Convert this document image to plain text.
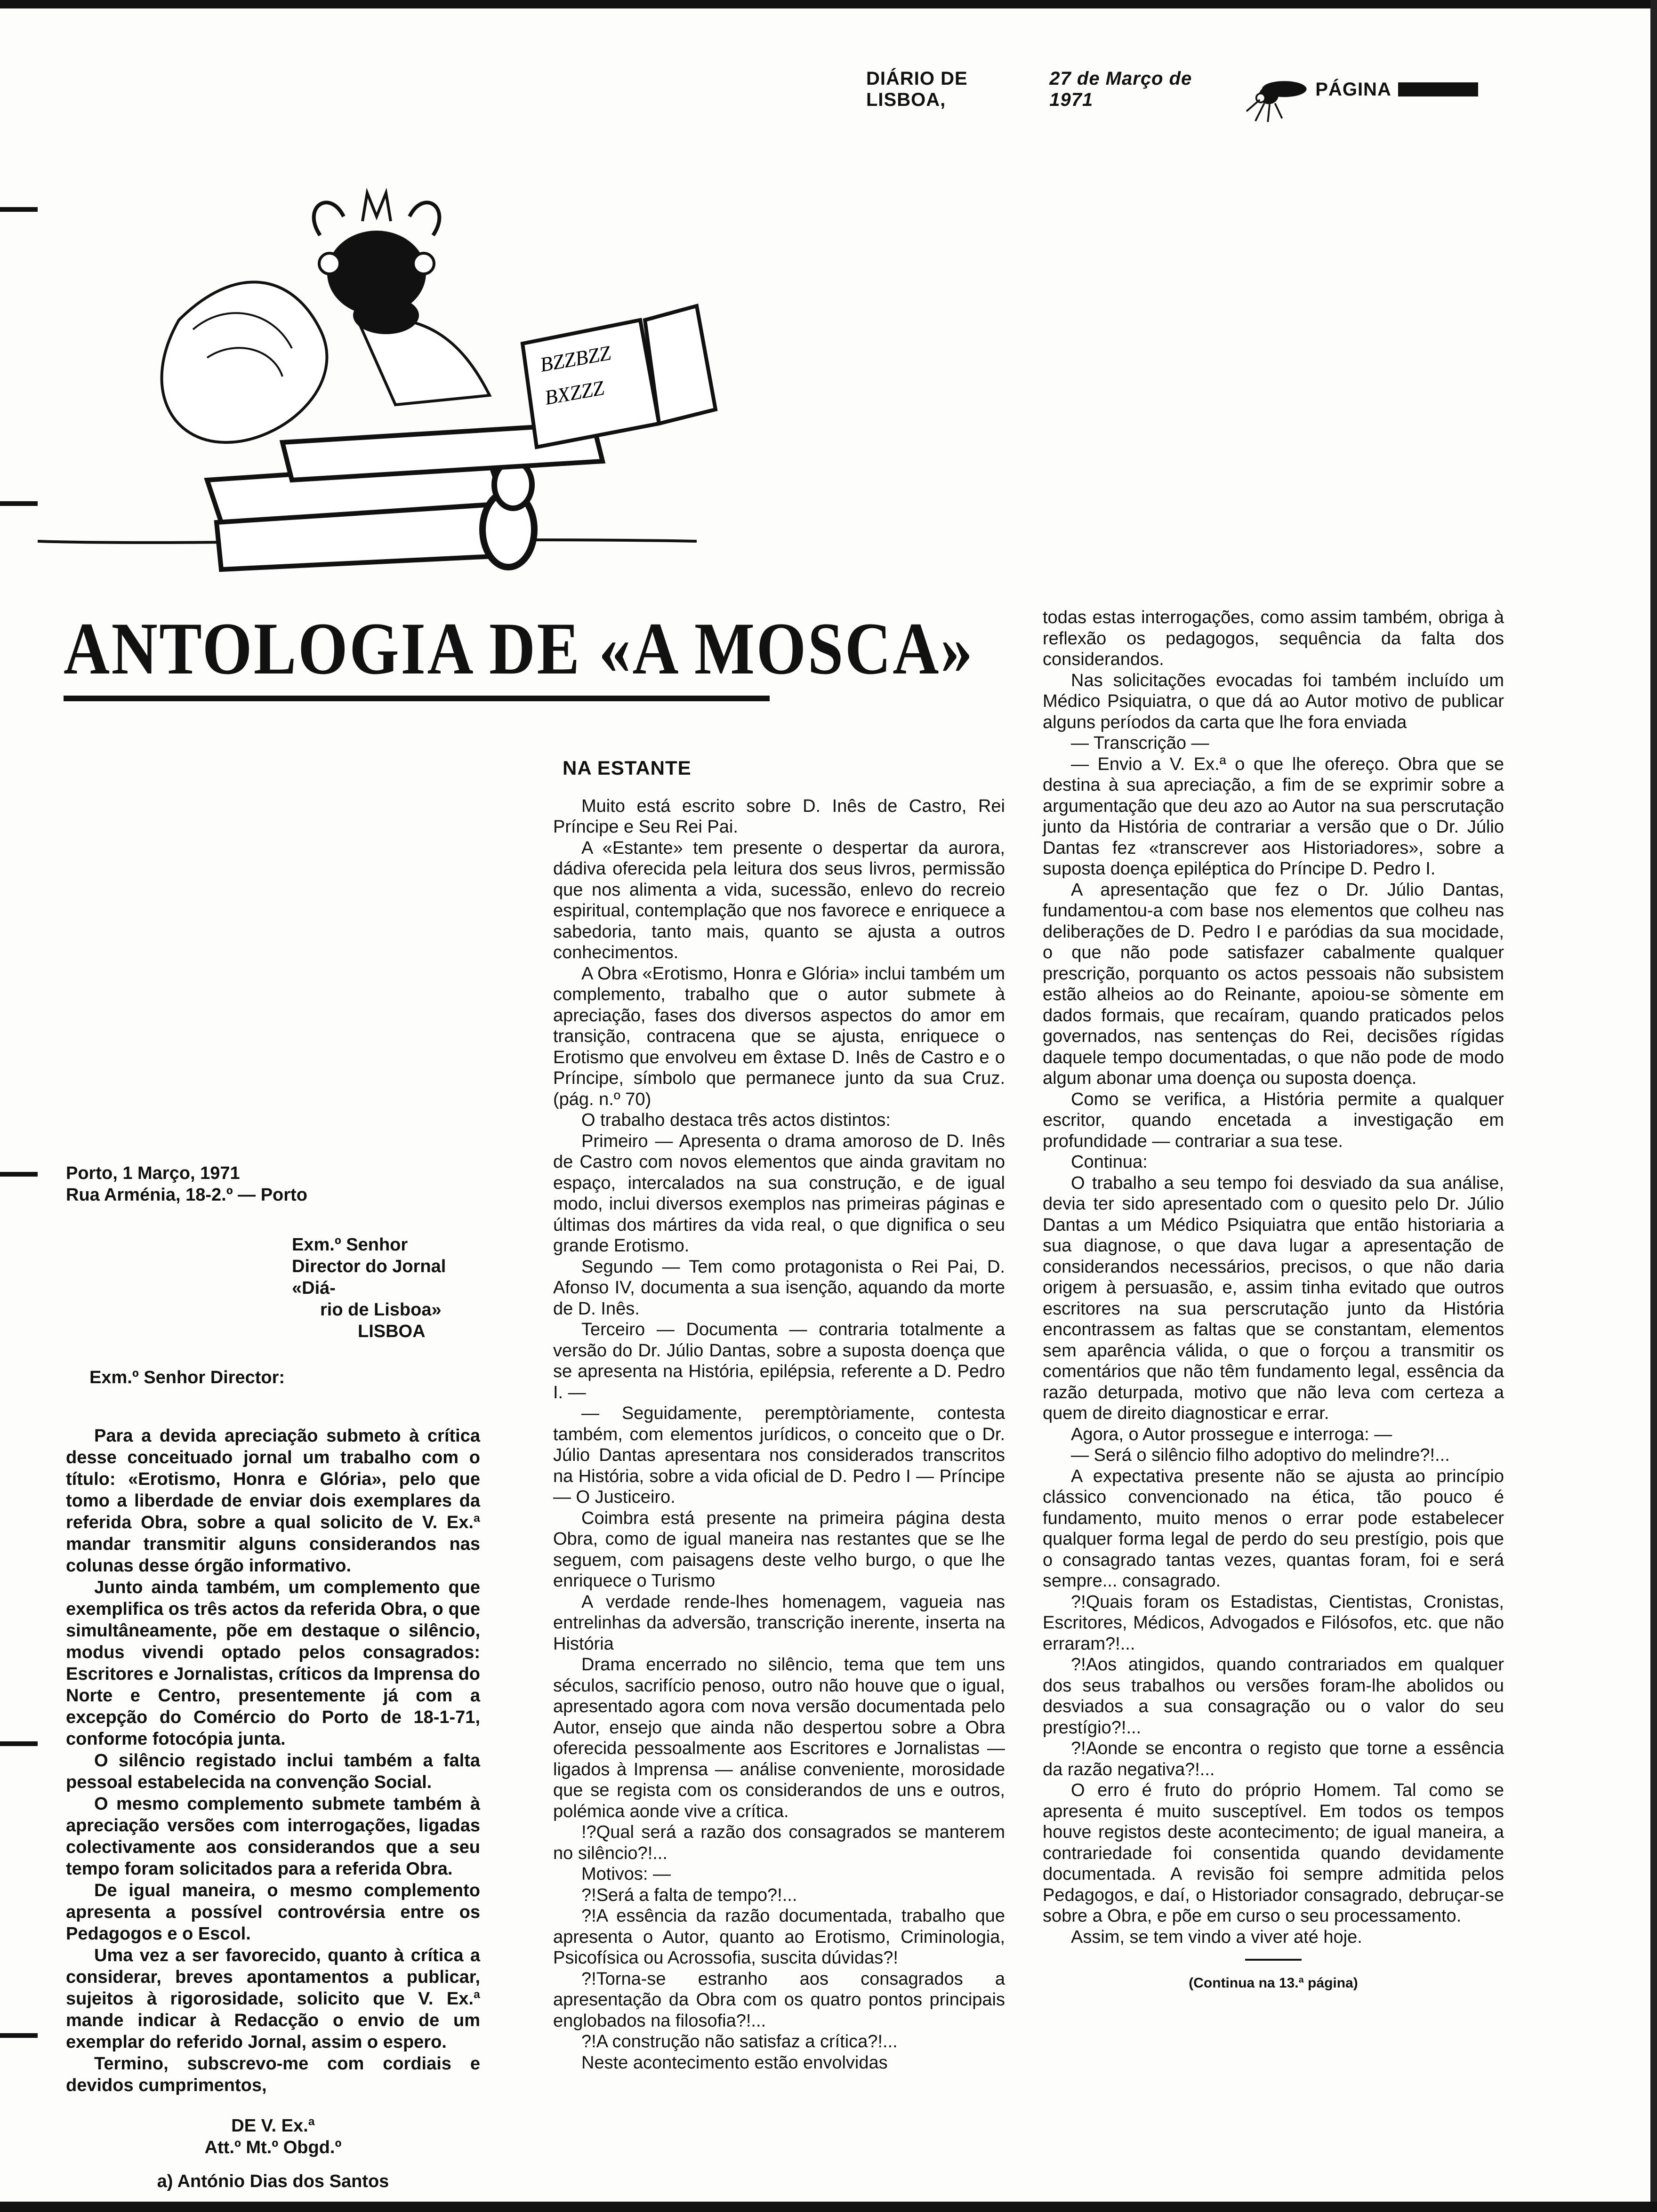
DIÁRIO DE LISBOA,
27 de Março de 1971
PÁGINA
BZZBZZ
BXZZZ
ANTOLOGIA DE «A MOSCA»
Porto, 1 Março, 1971
Rua Arménia, 18-2.º — Porto
Exm.º Senhor
Director do Jornal «Diá-
rio de Lisboa»
LISBOA
Exm.º Senhor Director:

Para a devida apreciação submeto à crítica desse conceituado jornal um trabalho com o título: «Erotismo, Honra e Glória», pelo que tomo a liberdade de enviar dois exemplares da referida Obra, sobre a qual solicito de V. Ex.ª mandar transmitir alguns considerandos nas colunas desse órgão informativo.

Junto ainda também, um complemento que exemplifica os três actos da referida Obra, o que simultâneamente, põe em destaque o silêncio, modus vivendi optado pelos consagrados: Escritores e Jornalistas, críticos da Imprensa do Norte e Centro, presentemente já com a excepção do Comércio do Porto de 18-1-71, conforme fotocópia junta.

O silêncio registado inclui também a falta pessoal estabelecida na convenção Social.

O mesmo complemento submete também à apreciação versões com interrogações, ligadas colectivamente aos considerandos que a seu tempo foram solicitados para a referida Obra.

De igual maneira, o mesmo complemento apresenta a possível controvérsia entre os Pedagogos e o Escol.

Uma vez a ser favorecido, quanto à crítica a considerar, breves apontamentos a publicar, sujeitos à rigorosidade, solicito que V. Ex.ª mande indicar à Redacção o envio de um exemplar do referido Jornal, assim o espero.

Termino, subscrevo-me com cordiais e devidos cumprimentos,

DE V. Ex.ª
Att.º Mt.º Obgd.º
a) António Dias dos Santos
NA ESTANTE

Muito está escrito sobre D. Inês de Castro, Rei Príncipe e Seu Rei Pai.

A «Estante» tem presente o despertar da aurora, dádiva oferecida pela leitura dos seus livros, permissão que nos alimenta a vida, sucessão, enlevo do recreio espiritual, contemplação que nos favorece e enriquece a sabedoria, tanto mais, quanto se ajusta a outros conhecimentos.

A Obra «Erotismo, Honra e Glória» inclui também um complemento, trabalho que o autor submete à apreciação, fases dos diversos aspectos do amor em transição, contracena que se ajusta, enriquece o Erotismo que envolveu em êxtase D. Inês de Castro e o Príncipe, símbolo que permanece junto da sua Cruz. (pág. n.º 70)

O trabalho destaca três actos distintos:

Primeiro — Apresenta o drama amoroso de D. Inês de Castro com novos elementos que ainda gravitam no espaço, intercalados na sua construção, e de igual modo, inclui diversos exemplos nas primeiras páginas e últimas dos mártires da vida real, o que dignifica o seu grande Erotismo.

Segundo — Tem como protagonista o Rei Pai, D. Afonso IV, documenta a sua isenção, aquando da morte de D. Inês.

Terceiro — Documenta — contraria totalmente a versão do Dr. Júlio Dantas, sobre a suposta doença que se apresenta na História, epilépsia, referente a D. Pedro I. —

— Seguidamente, peremptòriamente, contesta também, com elementos jurídicos, o conceito que o Dr. Júlio Dantas apresentara nos considerados transcritos na História, sobre a vida oficial de D. Pedro I — Príncipe — O Justiceiro.

Coimbra está presente na primeira página desta Obra, como de igual maneira nas restantes que se lhe seguem, com paisagens deste velho burgo, o que lhe enriquece o Turismo

A verdade rende-lhes homenagem, vagueia nas entrelinhas da adversão, transcrição inerente, inserta na História

Drama encerrado no silêncio, tema que tem uns séculos, sacrifício penoso, outro não houve que o igual, apresentado agora com nova versão documentada pelo Autor, ensejo que ainda não despertou sobre a Obra oferecida pessoalmente aos Escritores e Jornalistas — ligados à Imprensa — análise conveniente, morosidade que se regista com os considerandos de uns e outros, polémica aonde vive a crítica.

!?Qual será a razão dos consagrados se manterem no silêncio?!...

Motivos: —

?!Será a falta de tempo?!...

?!A essência da razão documentada, trabalho que apresenta o Autor, quanto ao Erotismo, Criminologia, Psicofísica ou Acrossofia, suscita dúvidas?!

?!Torna-se estranho aos consagrados a apresentação da Obra com os quatro pontos principais englobados na filosofia?!...

?!A construção não satisfaz a crítica?!...

Neste acontecimento estão envolvidas

todas estas interrogações, como assim também, obriga à reflexão os pedagogos, sequência da falta dos considerandos.

Nas solicitações evocadas foi também incluído um Médico Psiquiatra, o que dá ao Autor motivo de publicar alguns períodos da carta que lhe fora enviada

— Transcrição —

— Envio a V. Ex.ª o que lhe ofereço. Obra que se destina à sua apreciação, a fim de se exprimir sobre a argumentação que deu azo ao Autor na sua perscrutação junto da História de contrariar a versão que o Dr. Júlio Dantas fez «transcrever aos Historiadores», sobre a suposta doença epiléptica do Príncipe D. Pedro I.

A apresentação que fez o Dr. Júlio Dantas, fundamentou-a com base nos elementos que colheu nas deliberações de D. Pedro I e paródias da sua mocidade, o que não pode satisfazer cabalmente qualquer prescrição, porquanto os actos pessoais não subsistem estão alheios ao do Reinante, apoiou-se sòmente em dados formais, que recaíram, quando praticados pelos governados, nas sentenças do Rei, decisões rígidas daquele tempo documentadas, o que não pode de modo algum abonar uma doença ou suposta doença.

Como se verifica, a História permite a qualquer escritor, quando encetada a investigação em profundidade — contrariar a sua tese.

Continua:

O trabalho a seu tempo foi desviado da sua análise, devia ter sido apresentado com o quesito pelo Dr. Júlio Dantas a um Médico Psiquiatra que então historiaria a sua diagnose, o que dava lugar a apresentação de considerandos necessários, precisos, o que não daria origem à persuasão, e, assim tinha evitado que outros escritores na sua perscrutação junto da História encontrassem as faltas que se constantam, elementos sem aparência válida, o que o forçou a transmitir os comentários que não têm fundamento legal, essência da razão deturpada, motivo que não leva com certeza a quem de direito diagnosticar e errar.

Agora, o Autor prossegue e interroga: —

— Será o silêncio filho adoptivo do melindre?!...

A expectativa presente não se ajusta ao princípio clássico convencionado na ética, tão pouco é fundamento, muito menos o errar pode estabelecer qualquer forma legal de perdo do seu prestígio, pois que o consagrado tantas vezes, quantas foram, foi e será sempre... consagrado.

?!Quais foram os Estadistas, Cientistas, Cronistas, Escritores, Médicos, Advogados e Filósofos, etc. que não erraram?!...

?!Aos atingidos, quando contrariados em qualquer dos seus trabalhos ou versões foram-lhe abolidos ou desviados a sua consagração ou o valor do seu prestígio?!...

?!Aonde se encontra o registo que torne a essência da razão negativa?!...

O erro é fruto do próprio Homem. Tal como se apresenta é muito susceptível. Em todos os tempos houve registos deste acontecimento; de igual maneira, a contrariedade foi consentida quando devidamente documentada. A revisão foi sempre admitida pelos Pedagogos, e daí, o Historiador consagrado, debruçar-se sobre a Obra, e põe em curso o seu processamento.

Assim, se tem vindo a viver até hoje.

(Continua na 13.ª página)
